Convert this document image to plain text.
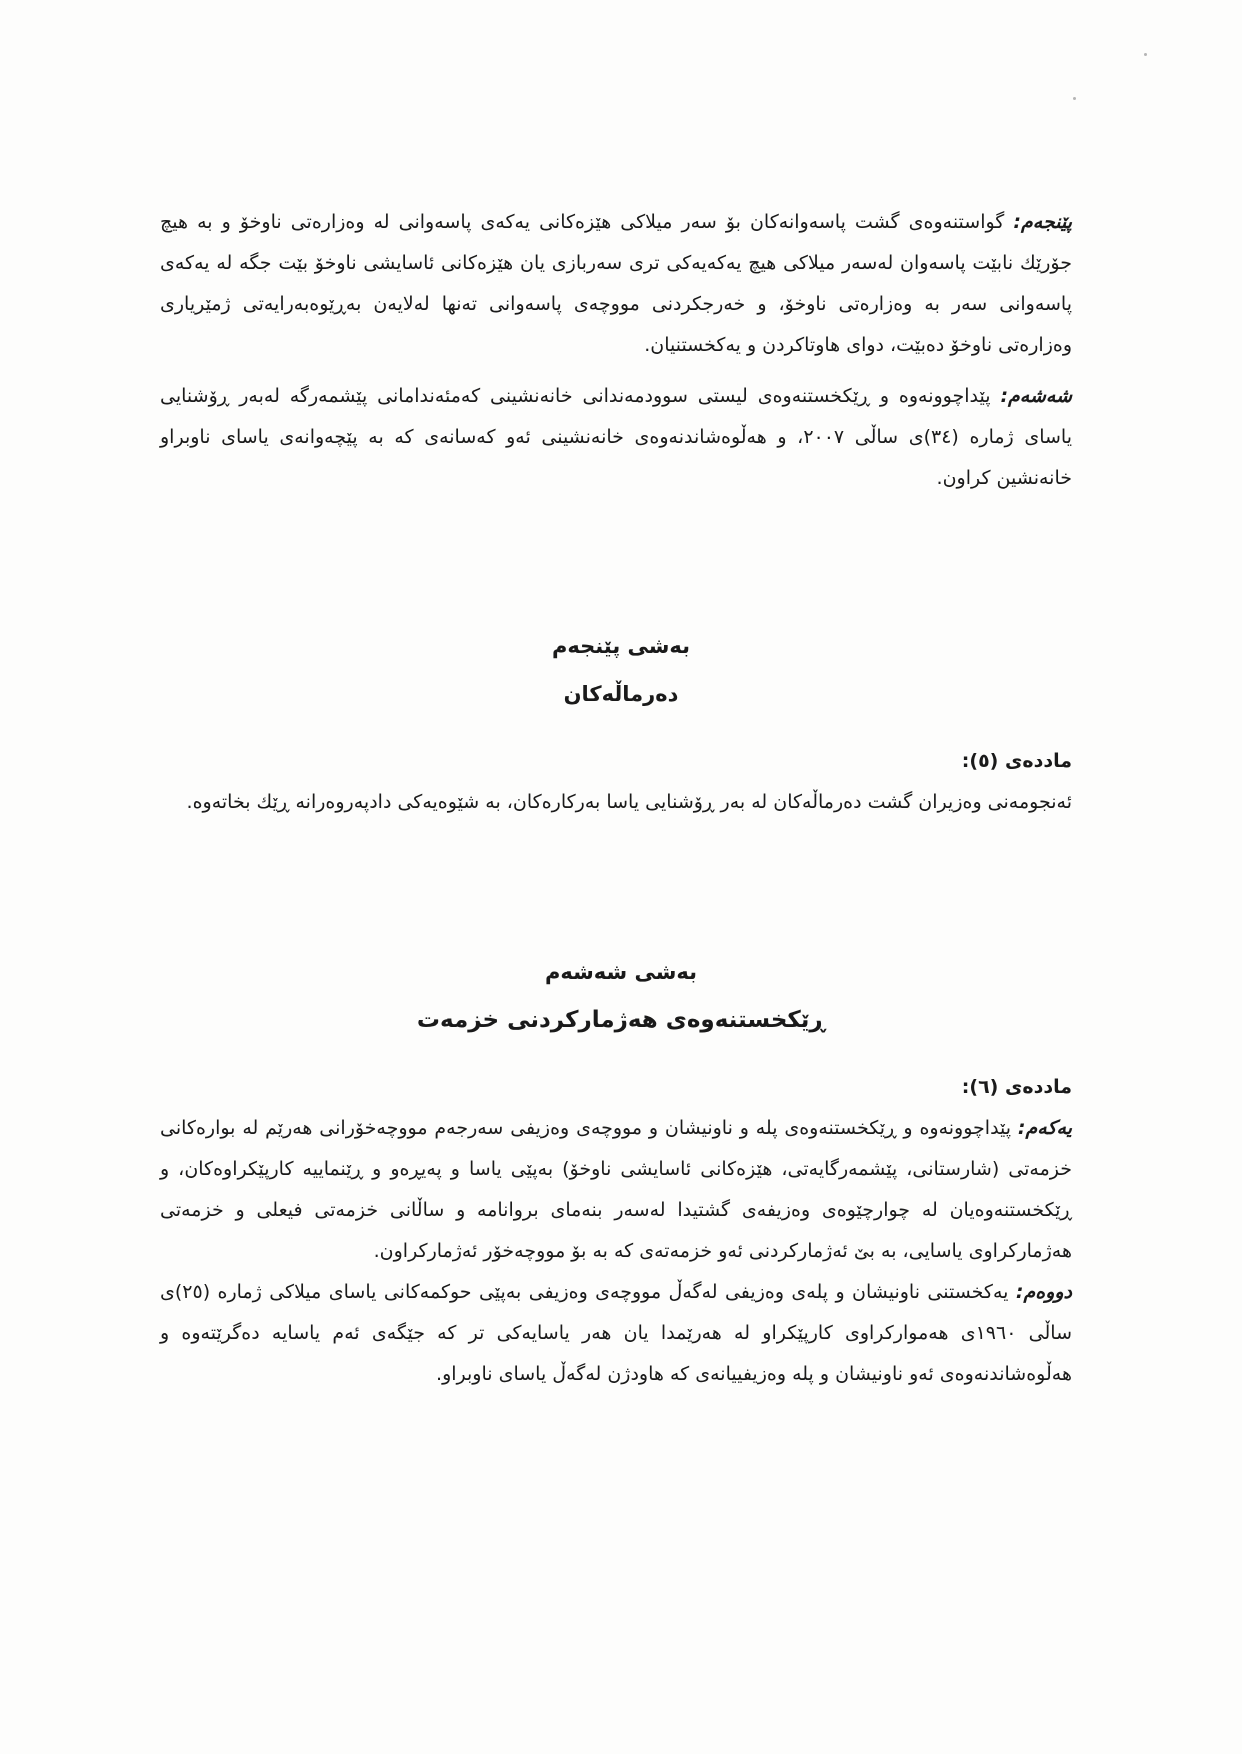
پێنجەم: گواستنەوەی گشت پاسەوانەکان بۆ سەر میلاکی هێزەکانی یەکەی پاسەوانی لە وەزارەتی ناوخۆ و بە هیچ جۆرێك نابێت پاسەوان لەسەر میلاکی هیچ یەکەیەکی تری سەربازی یان هێزەکانی ئاسایشی ناوخۆ بێت جگە لە یەکەی پاسەوانی سەر بە وەزارەتی ناوخۆ، و خەرجکردنی مووچەی پاسەوانی تەنها لەلایەن بەڕێوەبەرایەتی ژمێریاری وەزارەتی ناوخۆ دەبێت، دوای هاوتاکردن و یەکخستنیان.
شەشەم: پێداچوونەوە و ڕێکخستنەوەی لیستی سوودمەندانی خانەنشینی کەمئەندامانی پێشمەرگە لەبەر ڕۆشنایی یاسای ژمارە (٣٤)ی ساڵی ٢٠٠٧، و هەڵوەشاندنەوەی خانەنشینی ئەو کەسانەی کە بە پێچەوانەی یاسای ناوبراو خانەنشین کراون.
بەشی پێنجەم
دەرماڵەکان
ماددەی (٥):
ئەنجومەنی وەزیران گشت دەرماڵەکان لە بەر ڕۆشنایی یاسا بەرکارەکان، بە شێوەیەکی دادپەروەرانە ڕێك بخاتەوە.
بەشی شەشەم
ڕێکخستنەوەی هەژمارکردنی خزمەت
ماددەی (٦):
یەکەم: پێداچوونەوە و ڕێکخستنەوەی پلە و ناونیشان و مووچەی وەزیفی سەرجەم مووچەخۆرانی هەرێم لە بوارەکانی خزمەتی (شارستانی، پێشمەرگایەتی، هێزەکانی ئاسایشی ناوخۆ) بەپێی یاسا و پەیڕەو و ڕێنماییە کارپێکراوەکان، و ڕێکخستنەوەیان لە چوارچێوەی وەزیفەی گشتیدا لەسەر بنەمای بروانامە و ساڵانی خزمەتی فیعلی و خزمەتی هەژمارکراوی یاسایی، بە بێ ئەژمارکردنی ئەو خزمەتەی کە بە بۆ مووچەخۆر ئەژمارکراون.
دووەم: یەکخستنی ناونیشان و پلەی وەزیفی لەگەڵ مووچەی وەزیفی بەپێی حوکمەکانی یاسای میلاکی ژمارە (٢٥)ی ساڵی ١٩٦٠ی هەموارکراوی کارپێکراو لە هەرێمدا یان هەر یاسایەکی تر کە جێگەی ئەم یاسایە دەگرێتەوە و هەڵوەشاندنەوەی ئەو ناونیشان و پلە وەزیفییانەی کە هاودژن لەگەڵ یاسای ناوبراو.
